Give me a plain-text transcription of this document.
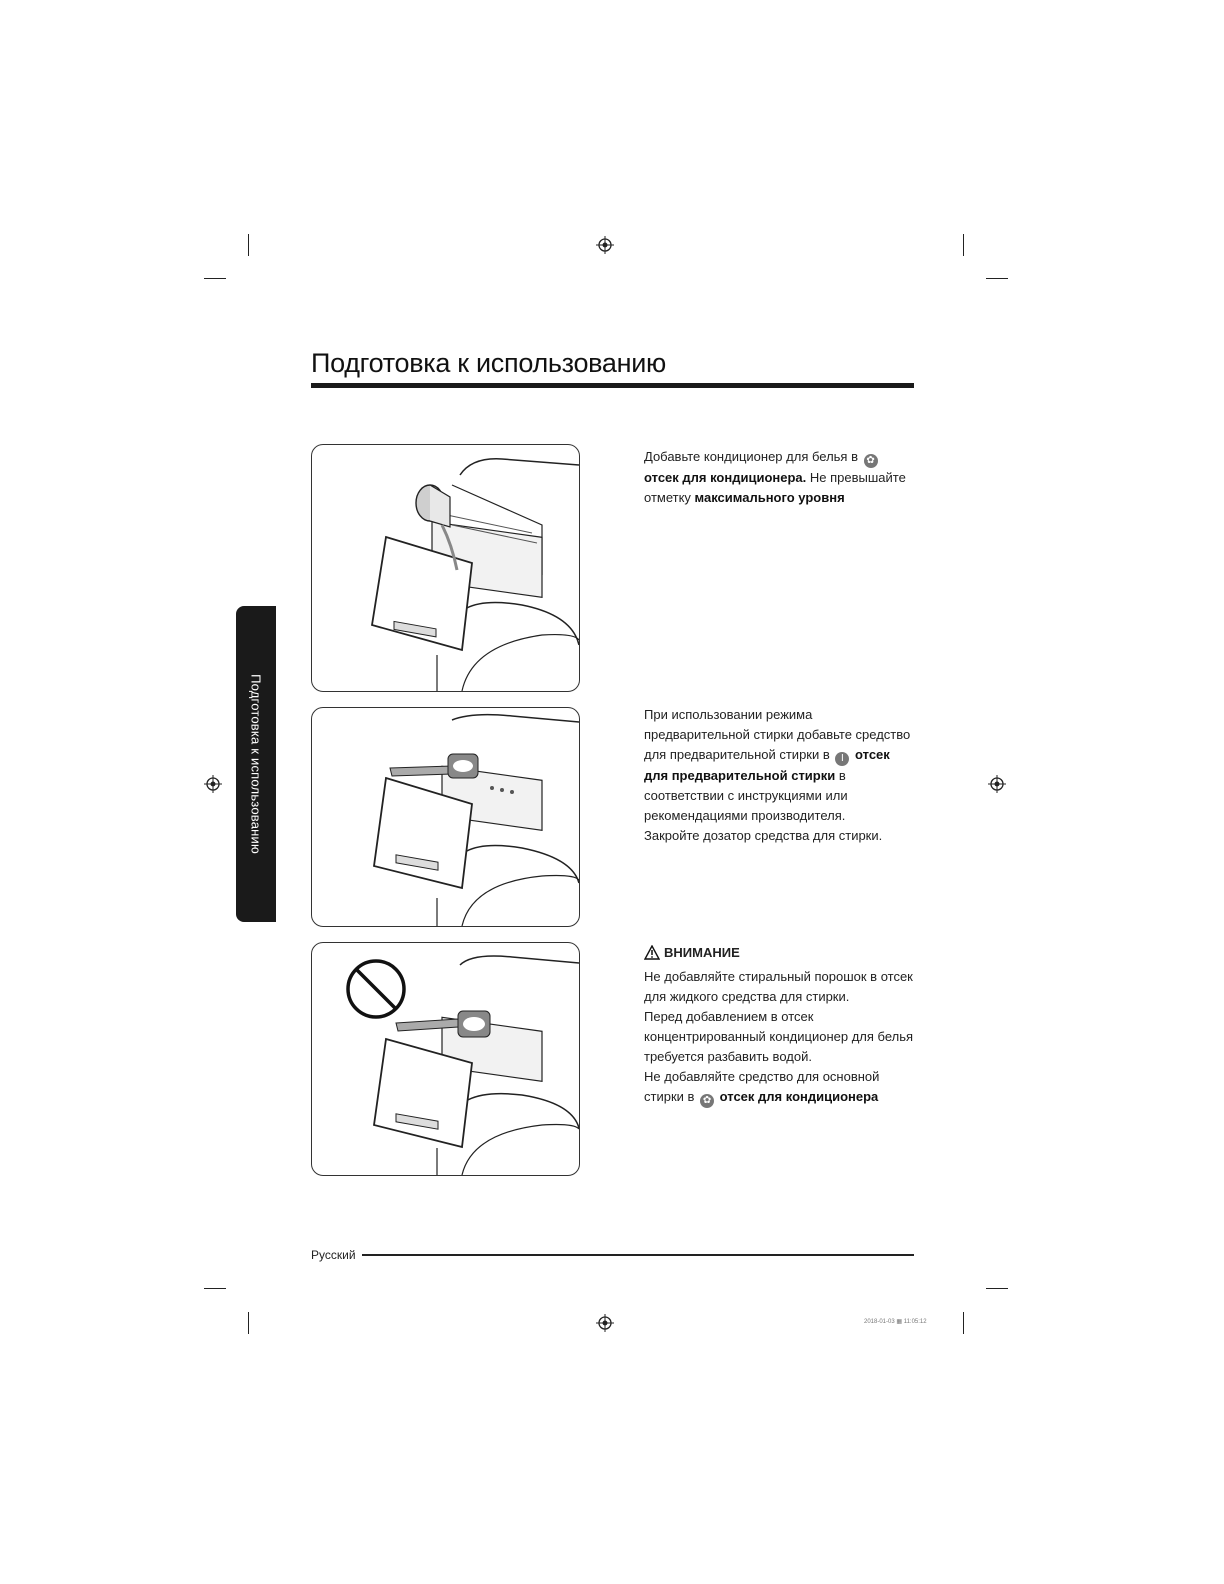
Подготовка к использованию
Подготовка к использованию

Добавьте кондиционер для белья в ✿ отсек для кондиционера. Не превышайте отметку максимального уровня

При использовании режима предварительной стирки добавьте средство для предварительной стирки в I отсек для предварительной стирки в соответствии с инструкциями или рекомендациями производителя.

Закройте дозатор средства для стирки.

ВНИМАНИЕ

Не добавляйте стиральный порошок в отсек для жидкого средства для стирки.

Перед добавлением в отсек концентрированный кондиционер для белья требуется разбавить водой.

Не добавляйте средство для основной стирки в ✿ отсек для кондиционера

Русский
2018-01-03 ▦ 11:05:12
